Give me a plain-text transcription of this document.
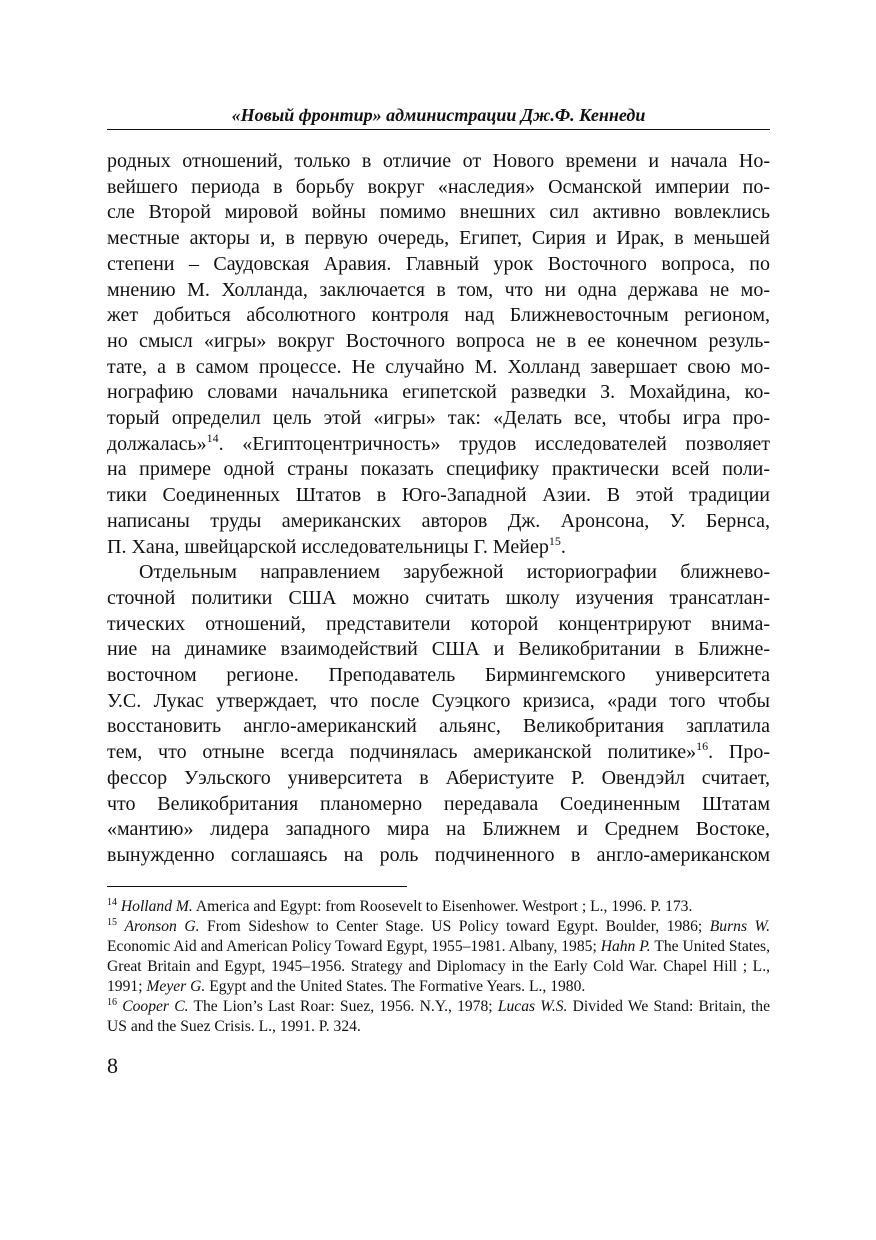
«Новый фронтир» администрации Дж.Ф. Кеннеди
родных отношений, только в отличие от Нового времени и начала Но-
вейшего периода в борьбу вокруг «наследия» Османской империи по-
сле Второй мировой войны помимо внешних сил активно вовлеклись
местные акторы и, в первую очередь, Египет, Сирия и Ирак, в меньшей
степени – Саудовская Аравия. Главный урок Восточного вопроса, по
мнению М. Холланда, заключается в том, что ни одна держава не мо-
жет добиться абсолютного контроля над Ближневосточным регионом,
но смысл «игры» вокруг Восточного вопроса не в ее конечном резуль-
тате, а в самом процессе. Не случайно М. Холланд завершает свою мо-
нографию словами начальника египетской разведки З. Мохайдина, ко-
торый определил цель этой «игры» так: «Делать все, чтобы игра про-
должалась»$^{14}$. «Египтоцентричность» трудов исследователей позволяет
на примере одной страны показать специфику практически всей поли-
тики Соединенных Штатов в Юго-Западной Азии. В этой традиции
написаны труды американских авторов Дж. Аронсона, У. Бернса,
П. Хана, швейцарской исследовательницы Г. Мейер$^{15}$.
Отдельным направлением зарубежной историографии ближнево-
сточной политики США можно считать школу изучения трансатлан-
тических отношений, представители которой концентрируют внима-
ние на динамике взаимодействий США и Великобритании в Ближне-
восточном регионе. Преподаватель Бирмингемского университета
У.С. Лукас утверждает, что после Суэцкого кризиса, «ради того чтобы
восстановить англо-американский альянс, Великобритания заплатила
тем, что отныне всегда подчинялась американской политике»$^{16}$. Про-
фессор Уэльского университета в Аберистуите Р. Овендэйл считает,
что Великобритания планомерно передавала Соединенным Штатам
«мантию» лидера западного мира на Ближнем и Среднем Востоке,
вынужденно соглашаясь на роль подчиненного в англо-американском
$^{14}$ Holland M. America and Egypt: from Roosevelt to Eisenhower. Westport ; L., 1996. P. 173.
$^{15}$ Aronson G. From Sideshow to Center Stage. US Policy toward Egypt. Boulder, 1986; Burns W. Economic Aid and American Policy Toward Egypt, 1955–1981. Albany, 1985; Hahn P. The United States, Great Britain and Egypt, 1945–1956. Strategy and Diplomacy in the Early Cold War. Chapel Hill ; L., 1991; Meyer G. Egypt and the United States. The Formative Years. L., 1980.
$^{16}$ Cooper C. The Lion’s Last Roar: Suez, 1956. N.Y., 1978; Lucas W.S. Divided We Stand: Britain, the US and the Suez Crisis. L., 1991. P. 324.
8
